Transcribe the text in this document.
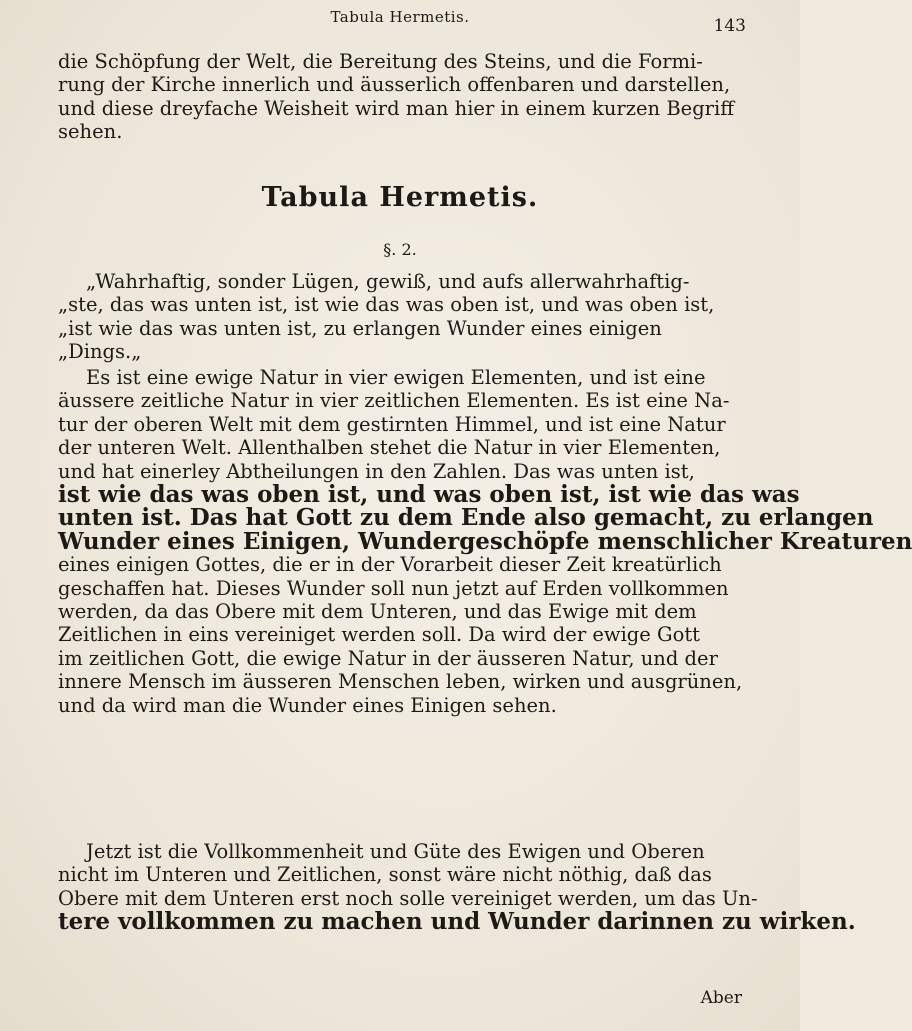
Tabula Hermetis.	143
die Schöpfung der Welt, die Bereitung des Steins, und die Formi-
rung der Kirche innerlich und äusserlich offenbaren und darstellen,
und diese dreyfache Weisheit wird man hier in einem kurzen Begriff
sehen.
Tabula Hermetis.
§. 2.
„Wahrhaftig, sonder Lügen, gewiß, und aufs allerwahrhaftig-
„ste, das was unten ist, ist wie das was oben ist, und was oben ist,
„ist wie das was unten ist, zu erlangen Wunder eines einigen
„Dings.„
Es ist eine ewige Natur in vier ewigen Elementen, und ist eine
äussere zeitliche Natur in vier zeitlichen Elementen. Es ist eine Na-
tur der oberen Welt mit dem gestirnten Himmel, und ist eine Natur
der unteren Welt. Allenthalben stehet die Natur in vier Elementen,
und hat einerley Abtheilungen in den Zahlen. Das was unten ist,
ist wie das was oben ist, und was oben ist, ist wie das was
unten ist. Das hat Gott zu dem Ende also gemacht, zu erlangen
Wunder eines Einigen, Wundergeschöpfe menschlicher Kreaturen
eines einigen Gottes, die er in der Vorarbeit dieser Zeit kreatürlich
geschaffen hat. Dieses Wunder soll nun jetzt auf Erden vollkommen
werden, da das Obere mit dem Unteren, und das Ewige mit dem
Zeitlichen in eins vereiniget werden soll. Da wird der ewige Gott
im zeitlichen Gott, die ewige Natur in der äusseren Natur, und der
innere Mensch im äusseren Menschen leben, wirken und ausgrünen,
und da wird man die Wunder eines Einigen sehen.
Jetzt ist die Vollkommenheit und Güte des Ewigen und Oberen
nicht im Unteren und Zeitlichen, sonst wäre nicht nöthig, daß das
Obere mit dem Unteren erst noch solle vereiniget werden, um das Un-
tere vollkommen zu machen und Wunder darinnen zu wirken.
Aber
